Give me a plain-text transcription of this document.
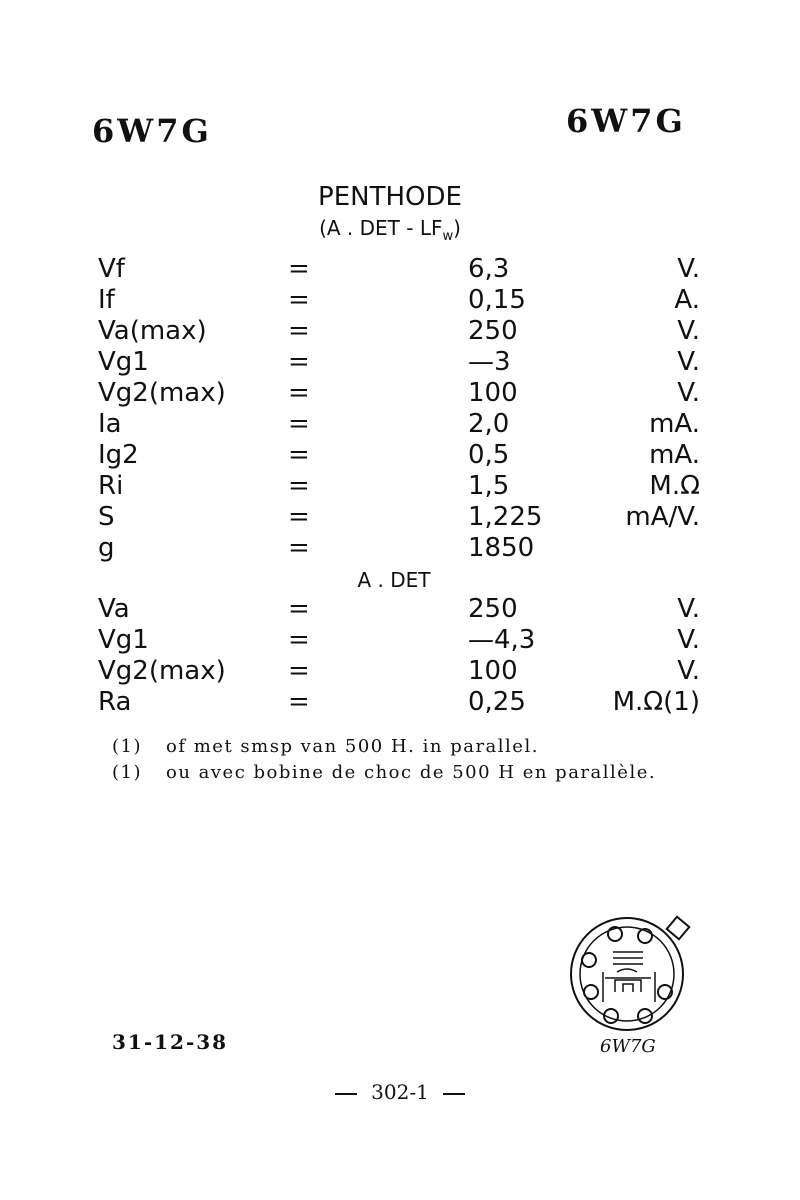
6W7G	6W7G
PENTHODE
(A . DET - $LF_w$)
Vf	=	6,3	V.
If	=	0,15	A.
Va(max)	=	250	V.
Vg1	=	—3	V.
Vg2(max) =	100	V.
Ia	=	2,0	mA.
Ig2	=	0,5	mA.
Ri	=	1,5	M.Ω
S	=	1,225	mA/V.
g	=	1850
A . DET
Va	=	250	V.
Vg1	=	—4,3	V.
Vg2(max) =	100	V.
Ra	=	0,25	M.Ω(1)
(1) of met smsp van 500 H. in parallel.
(1) ou avec bobine de choc de 500 H en parallèle.
6W7G
31-12-38
302-1
